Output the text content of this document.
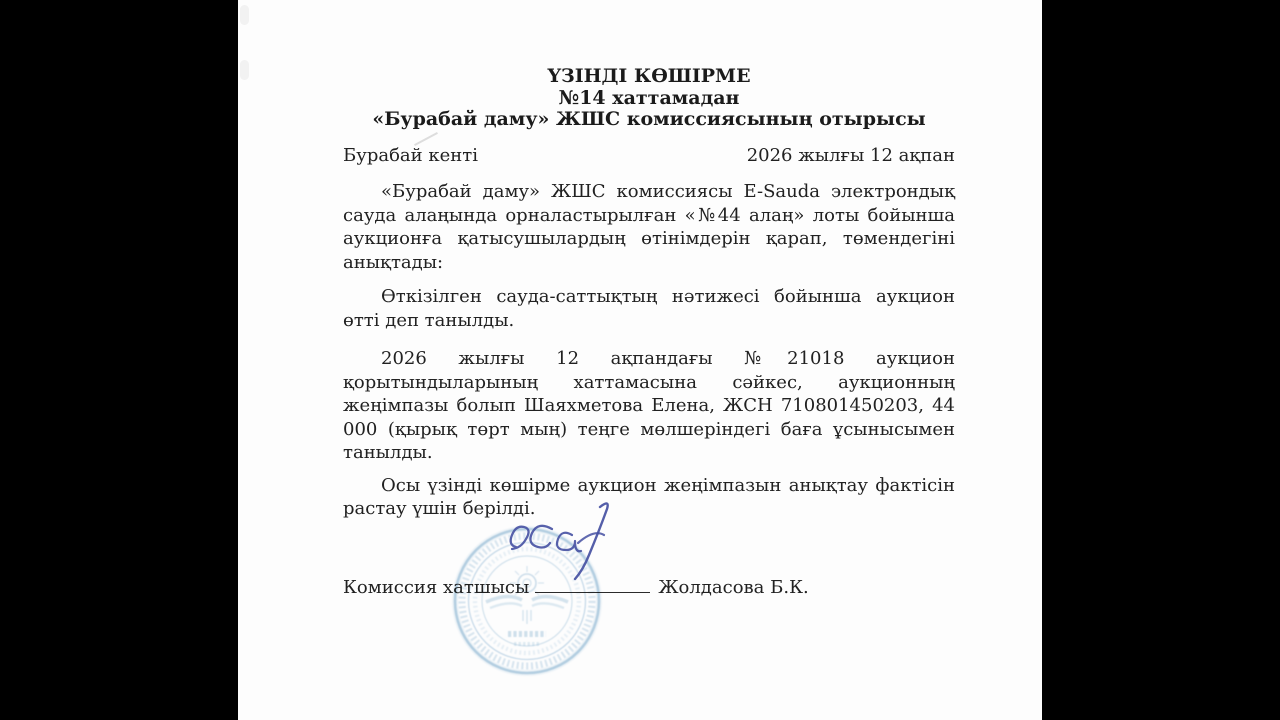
ҮЗІНДІ КӨШІРМЕ
№14 хаттамадан
«Бурабай даму» ЖШС комиссиясының отырысы
Бурабай кенті	2026 жылғы 12 ақпан

«Бурабай даму» ЖШС комиссиясы E-Sauda электрондық сауда алаңында орналастырылған «№44 алаң» лоты бойынша аукционға қатысушылардың өтінімдерін қарап, төмендегіні анықтады:

Өткізілген сауда-саттықтың нәтижесі бойынша аукцион өтті деп танылды.

2026 жылғы 12 ақпандағы №21018 аукцион қорытындыларының хаттамасына сәйкес, аукционның жеңімпазы болып Шаяхметова Елена, ЖСН 710801450203, 44 000 (қырық төрт мың) теңге мөлшеріндегі баға ұсынысымен танылды.

Осы үзінді көшірме аукцион жеңімпазын анықтау фактісін растау үшін берілді.

Комиссия хатшысы	Жолдасова Б.К.
